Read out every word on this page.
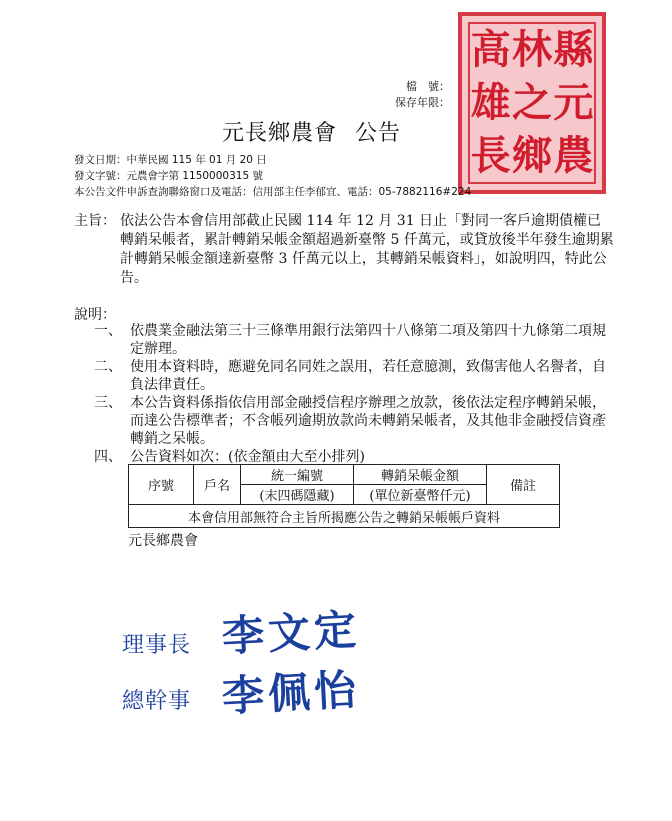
高 林 縣
雄 之 元
長 鄉 農
檔　號：
保存年限：
元長鄉農會 公告
發文日期：中華民國 115 年 01 月 20 日
發文字號：元農會字第 1150000315 號
本公告文件申訴查詢聯絡窗口及電話：信用部主任李郁宜、電話：05-7882116#224
主旨： 依法公告本會信用部截止民國 114 年 12 月 31 日止「對同一客戶逾期債權已轉銷呆帳者，累計轉銷呆帳金額超過新臺幣 5 仟萬元，或貸放後半年發生逾期累計轉銷呆帳金額達新臺幣 3 仟萬元以上，其轉銷呆帳資料」，如說明四，特此公告。
說明：
一、 依農業金融法第三十三條準用銀行法第四十八條第二項及第四十九條第二項規定辦理。
二、 使用本資料時，應避免同名同姓之誤用，若任意臆測，致傷害他人名譽者，自負法律責任。
三、 本公告資料係指依信用部金融授信程序辦理之放款，後依法定程序轉銷呆帳，而達公告標準者；不含帳列逾期放款尚未轉銷呆帳者，及其他非金融授信資產轉銷之呆帳。
四、 公告資料如次：(依金額由大至小排列)
序號	戶名	統一編號	轉銷呆帳金額	備註
		(末四碼隱藏)	(單位新臺幣仟元)	
本會信用部無符合主旨所揭應公告之轉銷呆帳帳戶資料				
元長鄉農會
理事長 李文定
總幹事 李佩怡
